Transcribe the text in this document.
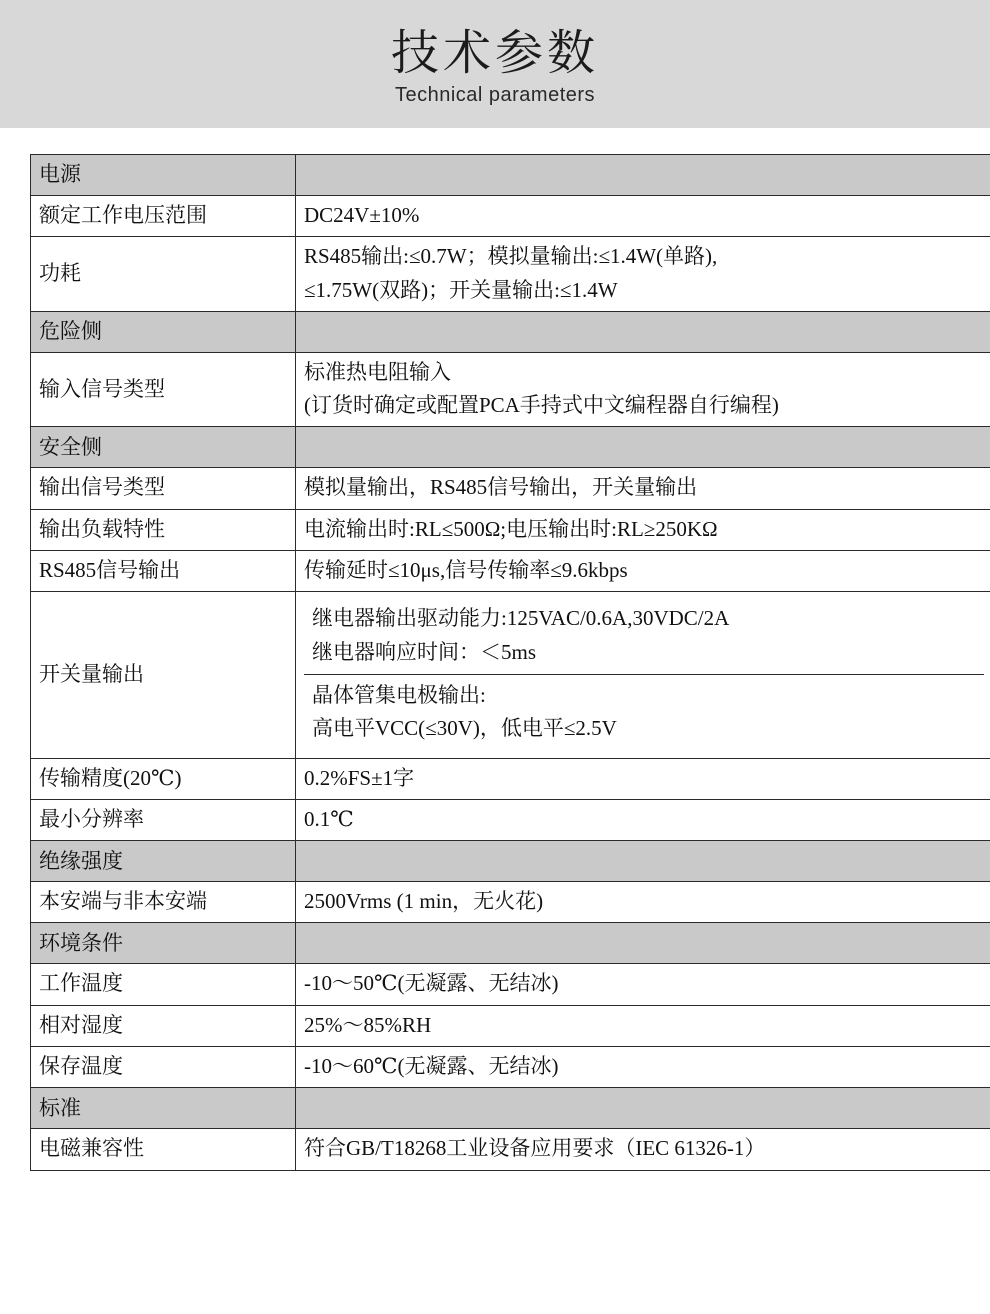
技术参数
Technical parameters
电源	
额定工作电压范围	DC24V±10%
功耗	RS485输出:≤0.7W；模拟量输出:≤1.4W(单路),
≤1.75W(双路)；开关量输出:≤1.4W

危险侧	
输入信号类型	标准热电阻输入
(订货时确定或配置PCA手持式中文编程器自行编程)

安全侧	
输出信号类型	模拟量输出，RS485信号输出，开关量输出
输出负载特性	电流输出时:RL≤500Ω;电压输出时:RL≥250KΩ
RS485信号输出	传输延时≤10μs,信号传输率≤9.6kbps
开关量输出	继电器输出驱动能力:125VAC/0.6A,30VDC/2A
继电器响应时间：＜5ms
晶体管集电极输出:
高电平VCC(≤30V)，低电平≤2.5V

传输精度(20℃)	0.2%FS±1字
最小分辨率	0.1℃
绝缘强度	
本安端与非本安端	2500Vrms (1 min，无火花)
环境条件	
工作温度	-10～50℃(无凝露、无结冰)
相对湿度	25%～85%RH
保存温度	-10～60℃(无凝露、无结冰)
标准	
电磁兼容性	符合GB/T18268工业设备应用要求（IEC 61326-1）
